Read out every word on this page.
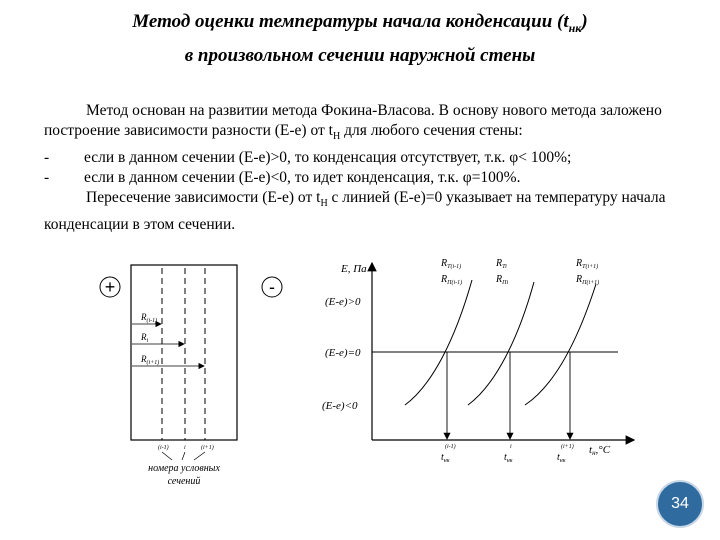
Метод оценки температуры начала конденсации $(t_{нк})$
в произвольном сечении наружной стены

Метод основан на развитии метода Фокина-Власова. В основу нового метода заложено построение зависимости разности (Е-е) от $t_Н$ для любого сечения стены:

- если в данном сечении (Е-е)>0, то конденсация отсутствует, т.к. φ< 100%;

- если в данном сечении (Е-е)<0, то идет конденсация, т.к. φ=100%.

Пересечение зависимости (Е-е) от $t_Н$ с линией (Е-е)=0 указывает на температуру начала конденсации в этом сечении.

+	-
$R_{(i-1)}$
$R_i$
$R_{(i+1)}$
(i-1)	i	(i+1)
номера условных
сечений
E, Па
tн,°C
(E-e)>0
(E-e)=0
(E-e)<0
$R_{T(i-1)}$
$R_{П(i-1)}$
$R_{Ti}$
$R_{Пi}$
$R_{T(i+1)}$
$R_{П(i+1)}$
(i-1)
$t_{нк}$
i
$t_{нк}$
(i+1)
$t_{нк}$
34
